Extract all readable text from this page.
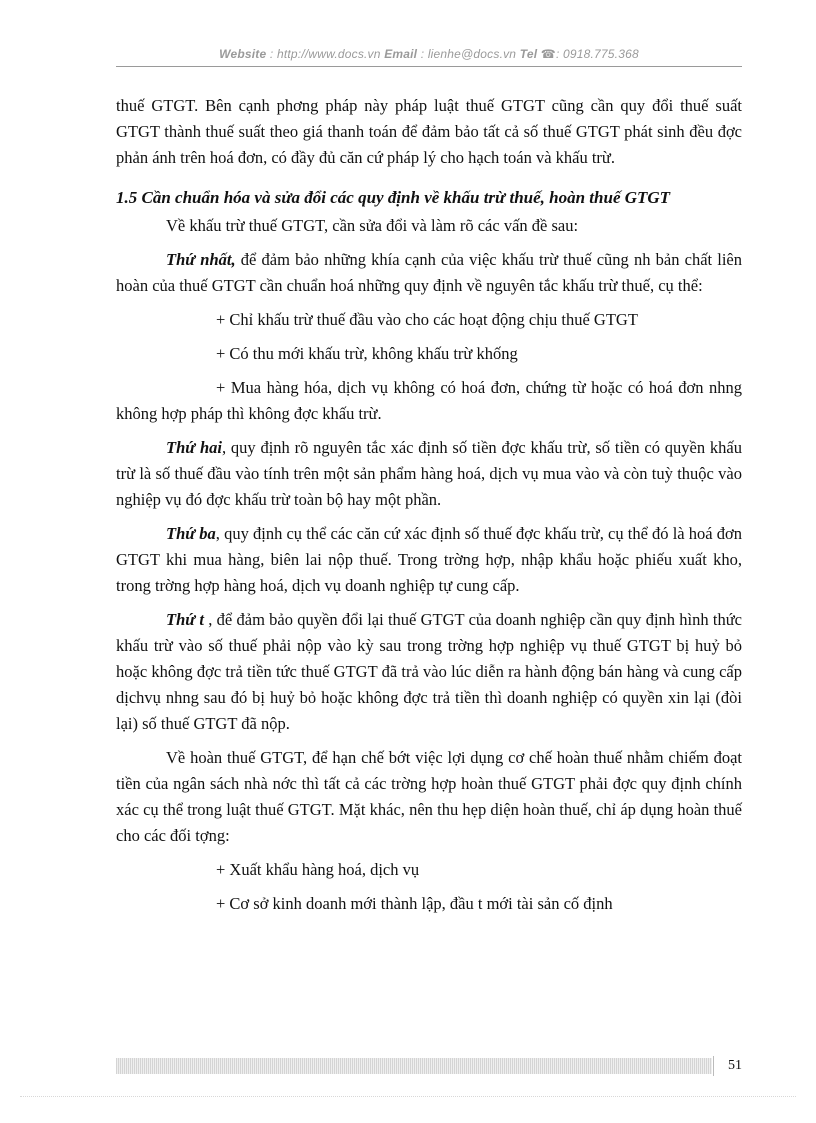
Website : http://www.docs.vn Email : lienhe@docs.vn Tel ☎: 0918.775.368

thuế GTGT. Bên cạnh phơng pháp này pháp luật thuế GTGT cũng cần quy đổi thuế suất GTGT thành thuế suất theo giá thanh toán để đảm bảo tất cả số thuế GTGT phát sinh đều đợc phản ánh trên hoá đơn, có đầy đủ căn cứ pháp lý cho hạch toán và khấu trừ.

1.5 Cần chuẩn hóa và sửa đổi các quy định về khấu trừ thuế, hoàn thuế GTGT

Về khấu trừ thuế GTGT, cần sửa đổi và làm rõ các vấn đề sau:

Thứ nhất, để đảm bảo những khía cạnh của việc khấu trừ thuế cũng nh bản chất liên hoàn của thuế GTGT cần chuẩn hoá những quy định về nguyên tắc khấu trừ thuế, cụ thể:

+ Chỉ khấu trừ thuế đầu vào cho các hoạt động chịu thuế GTGT

+ Có thu mới khấu trừ, không khấu trừ khống

+ Mua hàng hóa, dịch vụ không có hoá đơn, chứng từ hoặc có hoá đơn nhng không hợp pháp thì không đợc khấu trừ.

Thứ hai, quy định rõ nguyên tắc xác định số tiền đợc khấu trừ, số tiền có quyền khấu trừ là số thuế đầu vào tính trên một sản phẩm hàng hoá, dịch vụ mua vào và còn tuỳ thuộc vào nghiệp vụ đó đợc khấu trừ toàn bộ hay một phần.

Thứ ba, quy định cụ thể các căn cứ xác định số thuế đợc khấu trừ, cụ thể đó là hoá đơn GTGT khi mua hàng, biên lai nộp thuế. Trong trờng hợp, nhập khẩu hoặc phiếu xuất kho, trong trờng hợp hàng hoá, dịch vụ doanh nghiệp tự cung cấp.

Thứ t , để đảm bảo quyền đổi lại thuế GTGT của doanh nghiệp cần quy định hình thức khấu trừ vào số thuế phải nộp vào kỳ sau trong trờng hợp nghiệp vụ thuế GTGT bị huỷ bỏ hoặc không đợc trả tiền tức thuế GTGT đã trả vào lúc diễn ra hành động bán hàng và cung cấp dịchvụ nhng sau đó bị huỷ bỏ hoặc không đợc trả tiền thì doanh nghiệp có quyền xin lại (đòi lại) số thuế GTGT đã nộp.

Về hoàn thuế GTGT, để hạn chế bớt việc lợi dụng cơ chế hoàn thuế nhằm chiếm đoạt tiền của ngân sách nhà nớc thì tất cả các trờng hợp hoàn thuế GTGT phải đợc quy định chính xác cụ thể trong luật thuế GTGT. Mặt khác, nên thu hẹp diện hoàn thuế, chỉ áp dụng hoàn thuế cho các đối tợng:

+ Xuất khẩu hàng hoá, dịch vụ

+ Cơ sở kinh doanh mới thành lập, đầu t mới tài sản cố định

51
